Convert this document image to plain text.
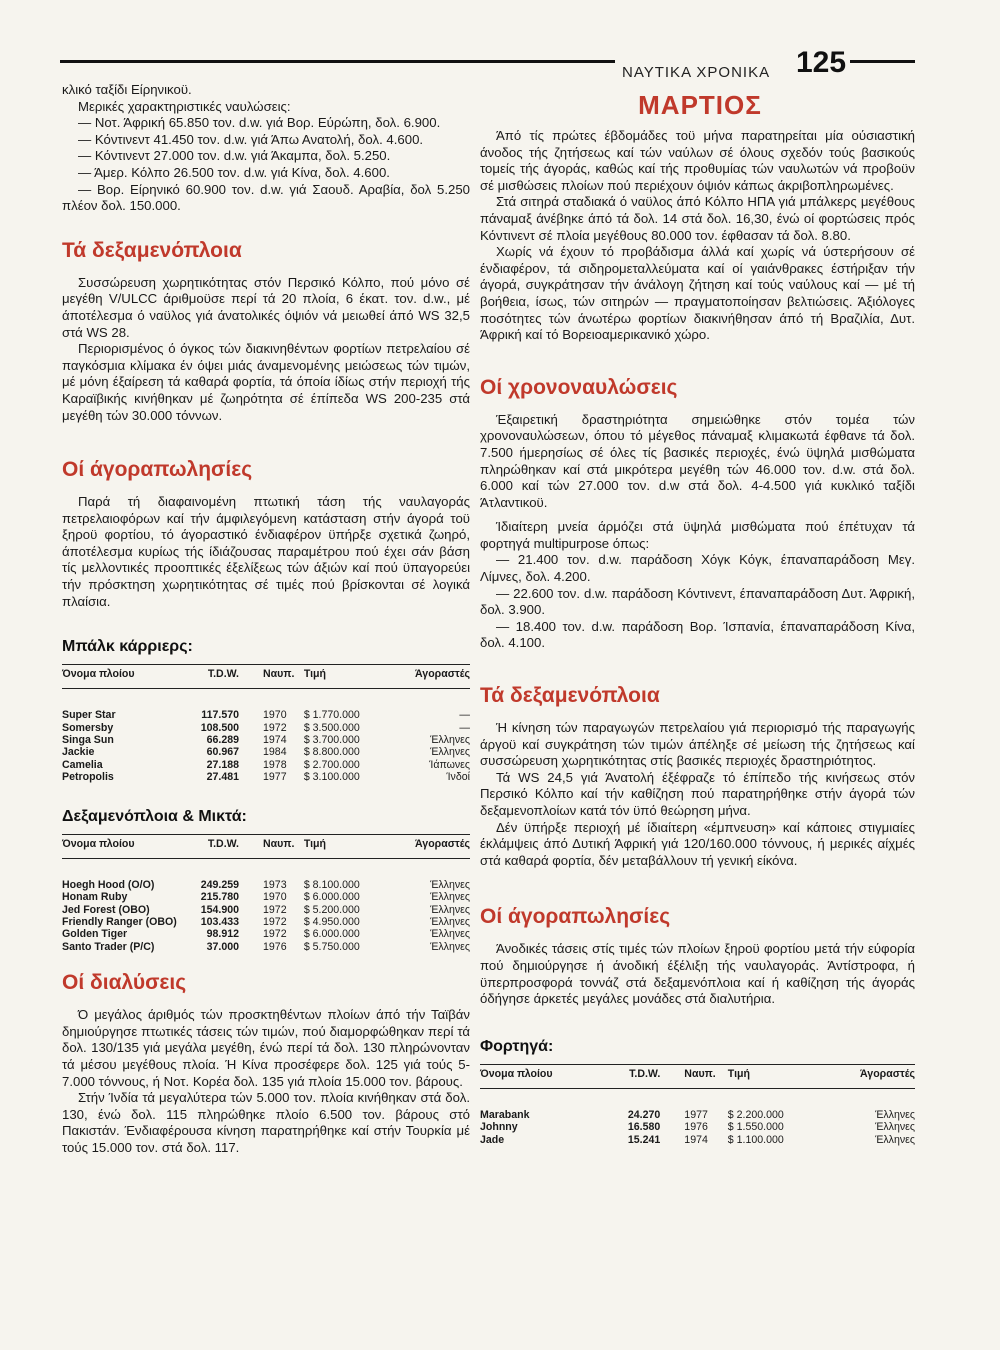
ΝΑΥΤΙΚΑ ΧΡΟΝΙΚΑ 125
ΜΑΡΤΙΟΣ

κλικό ταξίδι Είρηνικοϋ.

Μερικές χαρακτηριστικές ναυλώσεις:

— Νοτ. Άφρική 65.850 τον. d.w. γιά Βορ. Εύρώπη, δολ. 6.900.

— Κόντινεντ 41.450 τον. d.w. γιά Άπω Ανατολή, δολ. 4.600.

— Κόντινεντ 27.000 τον. d.w. γιά Άκαμπα, δολ. 5.250.

— Άμερ. Κόλπο 26.500 τον. d.w. γιά Κίνα, δολ. 4.600.

— Βορ. Είρηνικό 60.900 τον. d.w. γιά Σαουδ. Αραβία, δολ 5.250 πλέον δολ. 150.000.

Τά δεξαμενόπλοια

Συσσώρευση χωρητικότητας στόν Περσικό Κόλπο, πού μόνο σέ μεγέθη V/ULCC άριθμοϋσε περί τά 20 πλοία, 6 έκατ. τον. d.w., μέ άποτέλεσμα ό ναϋλος γιά άνατολικές όψιόν νά μειωθεί άπό WS 32,5 στά WS 28.

Περιορισμένος ό όγκος τών διακινηθέντων φορτίων πετρελαίου σέ παγκόσμια κλίμακα έν όψει μιάς άναμενομένης μειώσεως τών τιμών, μέ μόνη έξαίρεση τά καθαρά φορτία, τά όποία ίδίως στήν περιοχή τής Καραϊβικής κινήθηκαν μέ ζωηρότητα σέ έπίπεδα WS 200-235 στά μεγέθη τών 30.000 τόννων.

Οί άγοραπωλησίες

Παρά τή διαφαινομένη πτωτική τάση τής ναυλαγοράς πετρελαιοφόρων καί τήν άμφιλεγόμενη κατάσταση στήν άγορά τοϋ ξηροϋ φορτίου, τό άγοραστικό ένδιαφέρον ϋπήρξε σχετικά ζωηρό, άποτέλεσμα κυρίως τής ίδιάζουσας παραμέτρου πού έχει σάν βάση τίς μελλοντικές προοπτικές έξελίξεως τών άξιών καί πού ϋπαγορεύει τήν πρόσκτηση χωρητικότητας σέ τιμές πού βρίσκονται σέ λογικά πλαίσια.

Μπάλκ κάρριερς:
Όνομα πλοίου	T.D.W.	Ναυπ.	Τιμή	Άγοραστές
Super Star	117.570	1970	$ 1.770.000	—
Somersby	108.500	1972	$ 3.500.000	—
Singa Sun	66.289	1974	$ 3.700.000	Έλληνες
Jackie	60.967	1984	$ 8.800.000	Έλληνες
Camelia	27.188	1978	$ 2.700.000	Ίάπωνες
Petropolis	27.481	1977	$ 3.100.000	Ίνδοί
Δεξαμενόπλοια & Μικτά:
Όνομα πλοίου	T.D.W.	Ναυπ.	Τιμή	Άγοραστές
Hoegh Hood (O/O)	249.259	1973	$ 8.100.000	Έλληνες
Honam Ruby	215.780	1970	$ 6.000.000	Έλληνες
Jed Forest (OBO)	154.900	1972	$ 5.200.000	Έλληνες
Friendly Ranger (OBO)	103.433	1972	$ 4.950.000	Έλληνες
Golden Tiger	98.912	1972	$ 6.000.000	Έλληνες
Santo Trader (P/C)	37.000	1976	$ 5.750.000	Έλληνες
Οί διαλύσεις

Ό μεγάλος άριθμός τών προσκτηθέντων πλοίων άπό τήν Ταϊβάν δημιούργησε πτωτικές τάσεις τών τιμών, πού διαμορφώθηκαν περί τά δολ. 130/135 γιά μεγάλα μεγέθη, ένώ περί τά δολ. 130 πληρώνονταν τά μέσου μεγέθους πλοία. Ή Κίνα προσέφερε δολ. 125 γιά τούς 5-7.000 τόννους, ή Νοτ. Κορέα δολ. 135 γιά πλοία 15.000 τον. βάρους.

Στήν Ίνδία τά μεγαλύτερα τών 5.000 τον. πλοία κινήθηκαν στά δολ. 130, ένώ δολ. 115 πληρώθηκε πλοίο 6.500 τον. βάρους στό Πακιστάν. Ένδιαφέρουσα κίνηση παρατηρήθηκε καί στήν Τουρκία μέ τούς 15.000 τον. στά δολ. 117.

Άπό τίς πρώτες έβδομάδες τοϋ μήνα παρατηρείται μία ούσιαστική άνοδος τής ζητήσεως καί τών ναύλων σέ όλους σχεδόν τούς βασικούς τομείς τής άγοράς, καθώς καί τής προθυμίας τών ναυλωτών νά προβοϋν σέ μισθώσεις πλοίων πού περιέχουν όψιόν κάπως άκριβοπληρωμένες.

Στά σιτηρά σταδιακά ό ναϋλος άπό Κόλπο ΗΠΑ γιά μπάλκερς μεγέθους πάναμαξ άνέβηκε άπό τά δολ. 14 στά δολ. 16,30, ένώ οί φορτώσεις πρός Κόντινεντ σέ πλοία μεγέθους 80.000 τον. έφθασαν τά δολ. 8.80.

Χωρίς νά έχουν τό προβάδισμα άλλά καί χωρίς νά ύστερήσουν σέ ένδιαφέρον, τά σιδηρομεταλλεύματα καί οί γαιάνθρακες έστήριξαν τήν άγορά, συγκράτησαν τήν άνάλογη ζήτηση καί τούς ναύλους καί — μέ τή βοήθεια, ίσως, τών σιτηρών — πραγματοποίησαν βελτιώσεις. Άξιόλογες ποσότητες τών άνωτέρω φορτίων διακινήθησαν άπό τή Βραζιλία, Δυτ. Άφρική καί τό Βορειοαμερικανικό χώρο.

Οί χρονοναυλώσεις

Έξαιρετική δραστηριότητα σημειώθηκε στόν τομέα τών χρονοναυλώσεων, όπου τό μέγεθος πάναμαξ κλιμακωτά έφθανε τά δολ. 7.500 ήμερησίως σέ όλες τίς βασικές περιοχές, ένώ ϋψηλά μισθώματα πληρώθηκαν καί στά μικρότερα μεγέθη τών 46.000 τον. d.w. στά δολ. 6.000 καί τών 27.000 τον. d.w στά δολ. 4-4.500 γιά κυκλικό ταξίδι Άτλαντικοϋ.

Ίδιαίτερη μνεία άρμόζει στά ϋψηλά μισθώματα πού έπέτυχαν τά φορτηγά multipurpose όπως:

— 21.400 τον. d.w. παράδοση Χόγκ Κόγκ, έπαναπαράδοση Μεγ. Λίμνες, δολ. 4.200.

— 22.600 τον. d.w. παράδοση Κόντινεντ, έπαναπαράδοση Δυτ. Άφρική, δολ. 3.900.

— 18.400 τον. d.w. παράδοση Βορ. Ίσπανία, έπαναπαράδοση Κίνα, δολ. 4.100.

Τά δεξαμενόπλοια

Ή κίνηση τών παραγωγών πετρελαίου γιά περιορισμό τής παραγωγής άργοϋ καί συγκράτηση τών τιμών άπέληξε σέ μείωση τής ζητήσεως καί συσσώρευση χωρητικότητας στίς βασικές περιοχές δραστηριότητος.

Τά WS 24,5 γιά Άνατολή έξέφραζε τό έπίπεδο τής κινήσεως στόν Περσικό Κόλπο καί τήν καθίζηση πού παρατηρήθηκε στήν άγορά τών δεξαμενοπλοίων κατά τόν ϋπό θεώρηση μήνα.

Δέν ϋπήρξε περιοχή μέ ίδιαίτερη «έμπνευση» καί κάποιες στιγμιαίες έκλάμψεις άπό Δυτική Άφρική γιά 120/160.000 τόννους, ή μερικές αίχμές στά καθαρά φορτία, δέν μεταβάλλουν τή γενική είκόνα.

Οί άγοραπωλησίες

Άνοδικές τάσεις στίς τιμές τών πλοίων ξηροϋ φορτίου μετά τήν εύφορία πού δημιούργησε ή άνοδική έξέλιξη τής ναυλαγοράς. Άντίστροφα, ή ϋπερπροσφορά τοννάζ στά δεξαμενόπλοια καί ή καθίζηση τής άγοράς όδήγησε άρκετές μεγάλες μονάδες στά διαλυτήρια.

Φορτηγά:
Όνομα πλοίου	T.D.W.	Ναυπ.	Τιμή	Άγοραστές
Marabank	24.270	1977	$ 2.200.000	Έλληνες
Johnny	16.580	1976	$ 1.550.000	Έλληνες
Jade	15.241	1974	$ 1.100.000	Έλληνες
